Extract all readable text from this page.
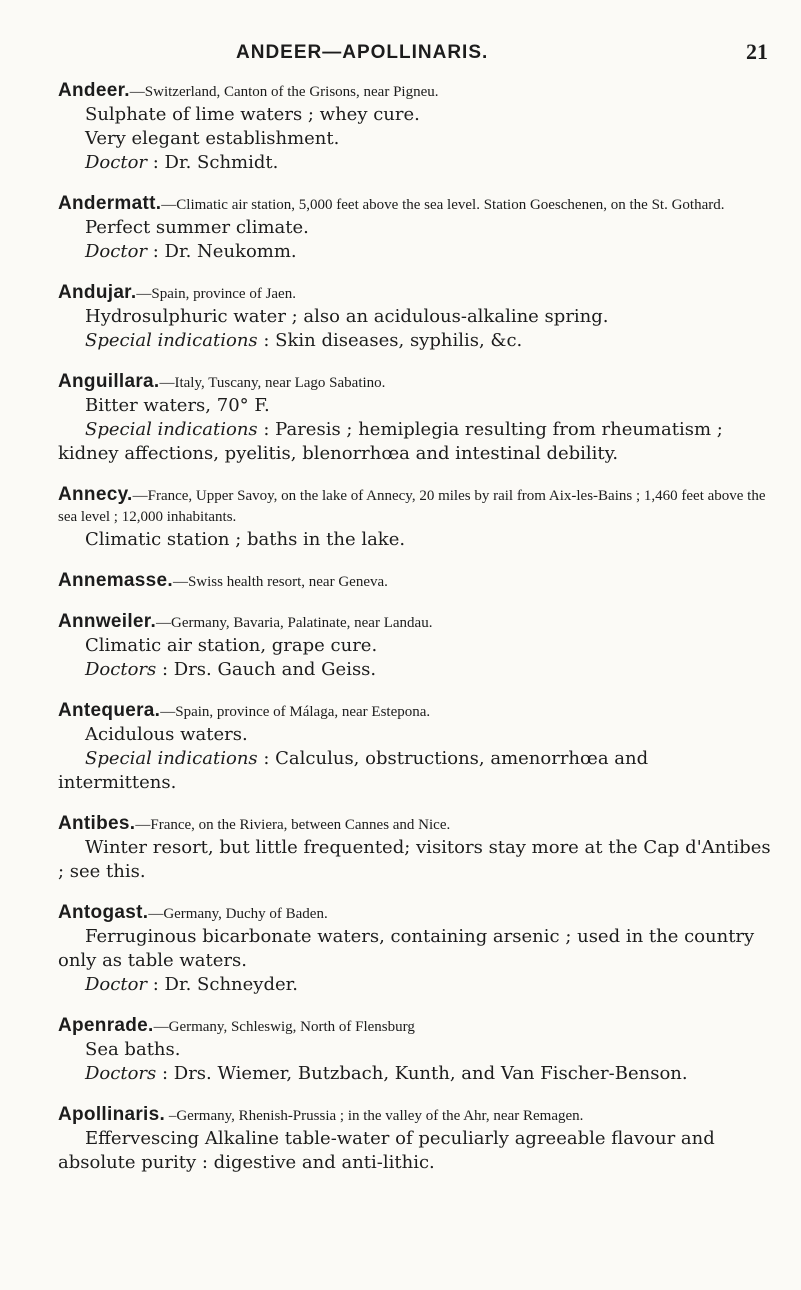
ANDEER—APOLLINARIS.	21

Andeer.—Switzerland, Canton of the Grisons, near Pigneu.

Sulphate of lime waters ; whey cure.

Very elegant establishment.

Doctor : Dr. Schmidt.

Andermatt.—Climatic air station, 5,000 feet above the sea level. Station Goeschenen, on the St. Gothard.

Perfect summer climate.

Doctor : Dr. Neukomm.

Andujar.—Spain, province of Jaen.

Hydrosulphuric water ; also an acidulous-alkaline spring.

Special indications : Skin diseases, syphilis, &c.

Anguillara.—Italy, Tuscany, near Lago Sabatino.

Bitter waters, 70° F.

Special indications : Paresis ; hemiplegia resulting from rheumatism ; kidney affections, pyelitis, blenorrhœa and intestinal debility.

Annecy.—France, Upper Savoy, on the lake of Annecy, 20 miles by rail from Aix-les-Bains ; 1,460 feet above the sea level ; 12,000 inhabitants.

Climatic station ; baths in the lake.

Annemasse.—Swiss health resort, near Geneva.

Annweiler.—Germany, Bavaria, Palatinate, near Landau.

Climatic air station, grape cure.

Doctors : Drs. Gauch and Geiss.

Antequera.—Spain, province of Málaga, near Estepona.

Acidulous waters.

Special indications : Calculus, obstructions, amenorrhœa and intermittens.

Antibes.—France, on the Riviera, between Cannes and Nice.

Winter resort, but little frequented; visitors stay more at the Cap d'Antibes ; see this.

Antogast.—Germany, Duchy of Baden.

Ferruginous bicarbonate waters, containing arsenic ; used in the country only as table waters.

Doctor : Dr. Schneyder.

Apenrade.—Germany, Schleswig, North of Flensburg

Sea baths.

Doctors : Drs. Wiemer, Butzbach, Kunth, and Van Fischer-Benson.

Apollinaris. –Germany, Rhenish-Prussia ; in the valley of the Ahr, near Remagen.

Effervescing Alkaline table-water of peculiarly agreeable flavour and absolute purity : digestive and anti-lithic.
